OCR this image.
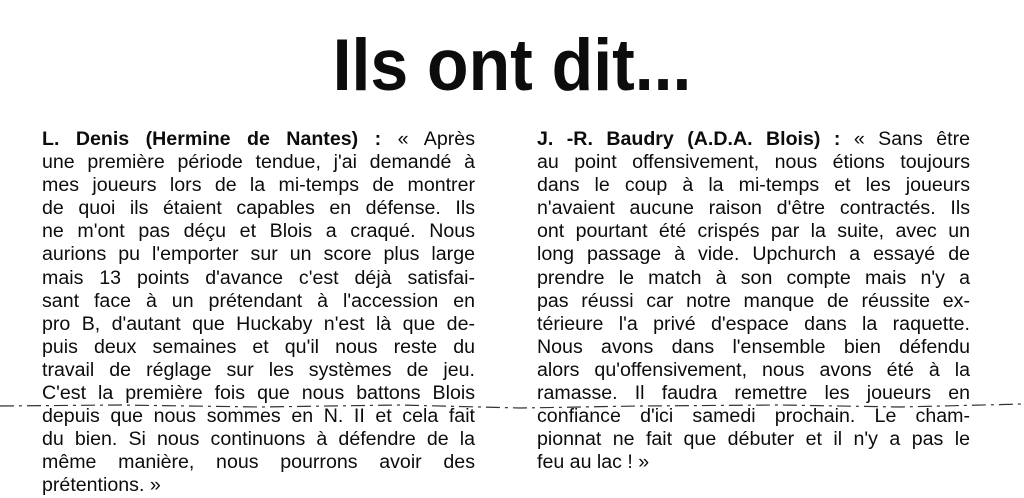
Ils ont dit...
L. Denis (Hermine de Nantes) : « Après
une première période tendue, j'ai demandé à
mes joueurs lors de la mi-temps de montrer
de quoi ils étaient capables en défense. Ils
ne m'ont pas déçu et Blois a craqué. Nous
aurions pu l'emporter sur un score plus large
mais 13 points d'avance c'est déjà satisfai-
sant face à un prétendant à l'accession en
pro B, d'autant que Huckaby n'est là que de-
puis deux semaines et qu'il nous reste du
travail de réglage sur les systèmes de jeu.
C'est la première fois que nous battons Blois
depuis que nous sommes en N. II et cela fait
du bien. Si nous continuons à défendre de la
même manière, nous pourrons avoir des
prétentions. »
J. -R. Baudry (A.D.A. Blois) : « Sans être
au point offensivement, nous étions toujours
dans le coup à la mi-temps et les joueurs
n'avaient aucune raison d'être contractés. Ils
ont pourtant été crispés par la suite, avec un
long passage à vide. Upchurch a essayé de
prendre le match à son compte mais n'y a
pas réussi car notre manque de réussite ex-
térieure l'a privé d'espace dans la raquette.
Nous avons dans l'ensemble bien défendu
alors qu'offensivement, nous avons été à la
ramasse. Il faudra remettre les joueurs en
confiance d'ici samedi prochain. Le cham-
pionnat ne fait que débuter et il n'y a pas le
feu au lac ! »
